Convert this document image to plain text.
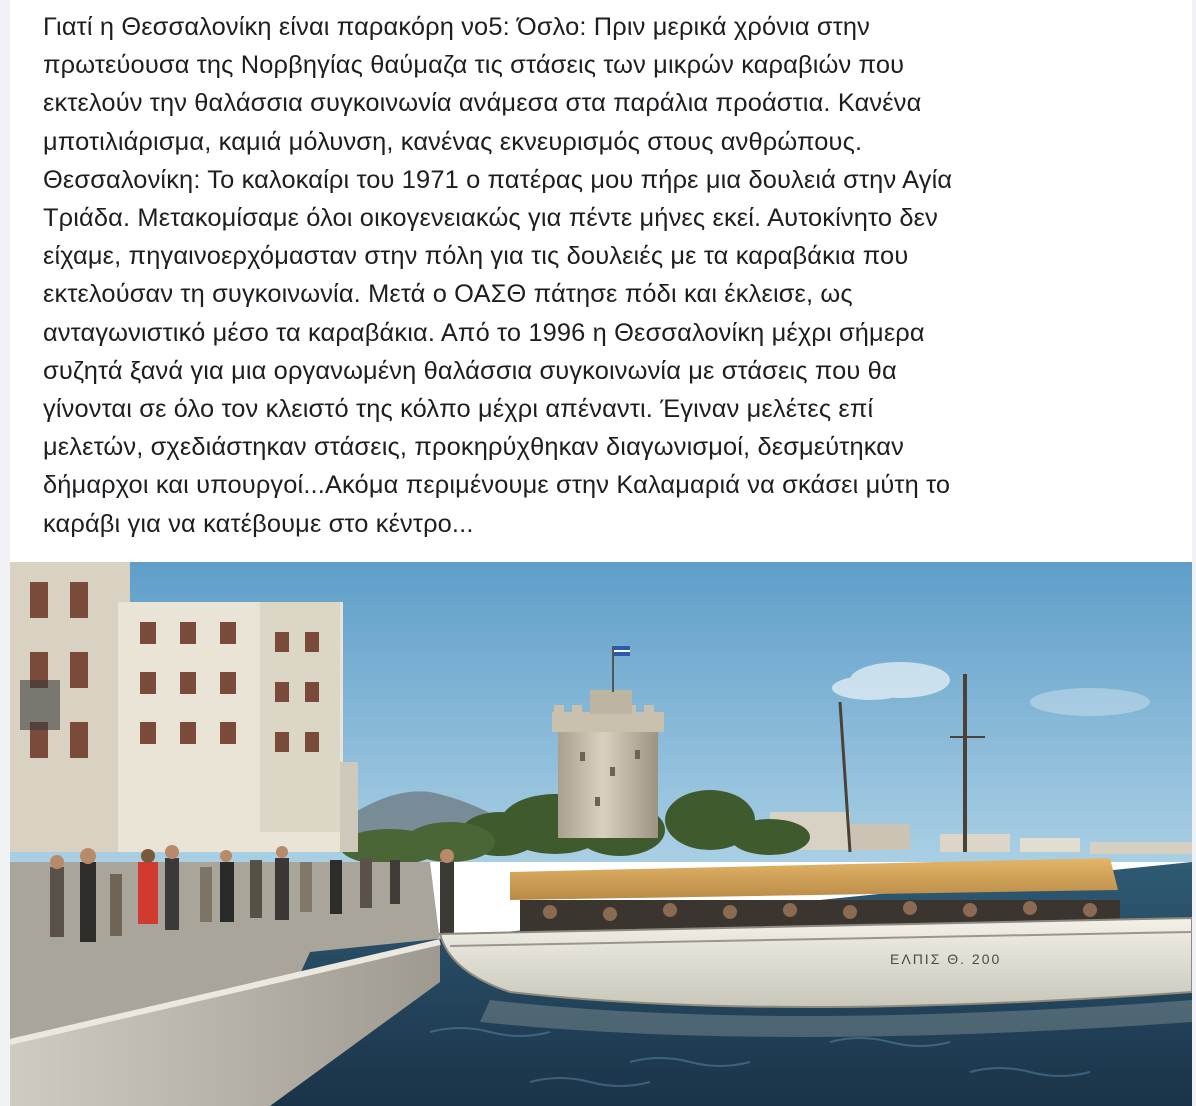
Γιατί η Θεσσαλονίκη είναι παρακόρη νο5: Όσλο: Πριν μερικά χρόνια στην
πρωτεύουσα της Νορβηγίας θαύμαζα τις στάσεις των μικρών καραβιών που
εκτελούν την θαλάσσια συγκοινωνία ανάμεσα στα παράλια προάστια. Κανένα
μποτιλιάρισμα, καμιά μόλυνση, κανένας εκνευρισμός στους ανθρώπους.
Θεσσαλονίκη: Το καλοκαίρι του 1971 ο πατέρας μου πήρε μια δουλειά στην Αγία
Τριάδα. Μετακομίσαμε όλοι οικογενειακώς για πέντε μήνες εκεί. Αυτοκίνητο δεν
είχαμε, πηγαινοερχόμασταν στην πόλη για τις δουλειές με τα καραβάκια που
εκτελούσαν τη συγκοινωνία. Μετά ο ΟΑΣΘ πάτησε πόδι και έκλεισε, ως
ανταγωνιστικό μέσο τα καραβάκια. Από το 1996 η Θεσσαλονίκη μέχρι σήμερα
συζητά ξανά για μια οργανωμένη θαλάσσια συγκοινωνία με στάσεις που θα
γίνονται σε όλο τον κλειστό της κόλπο μέχρι απέναντι. Έγιναν μελέτες επί
μελετών, σχεδιάστηκαν στάσεις, προκηρύχθηκαν διαγωνισμοί, δεσμεύτηκαν
δήμαρχοι και υπουργοί...Ακόμα περιμένουμε στην Καλαμαριά να σκάσει μύτη το
καράβι για να κατέβουμε στο κέντρο...

ΕΛΠΙΣ Θ. 200
